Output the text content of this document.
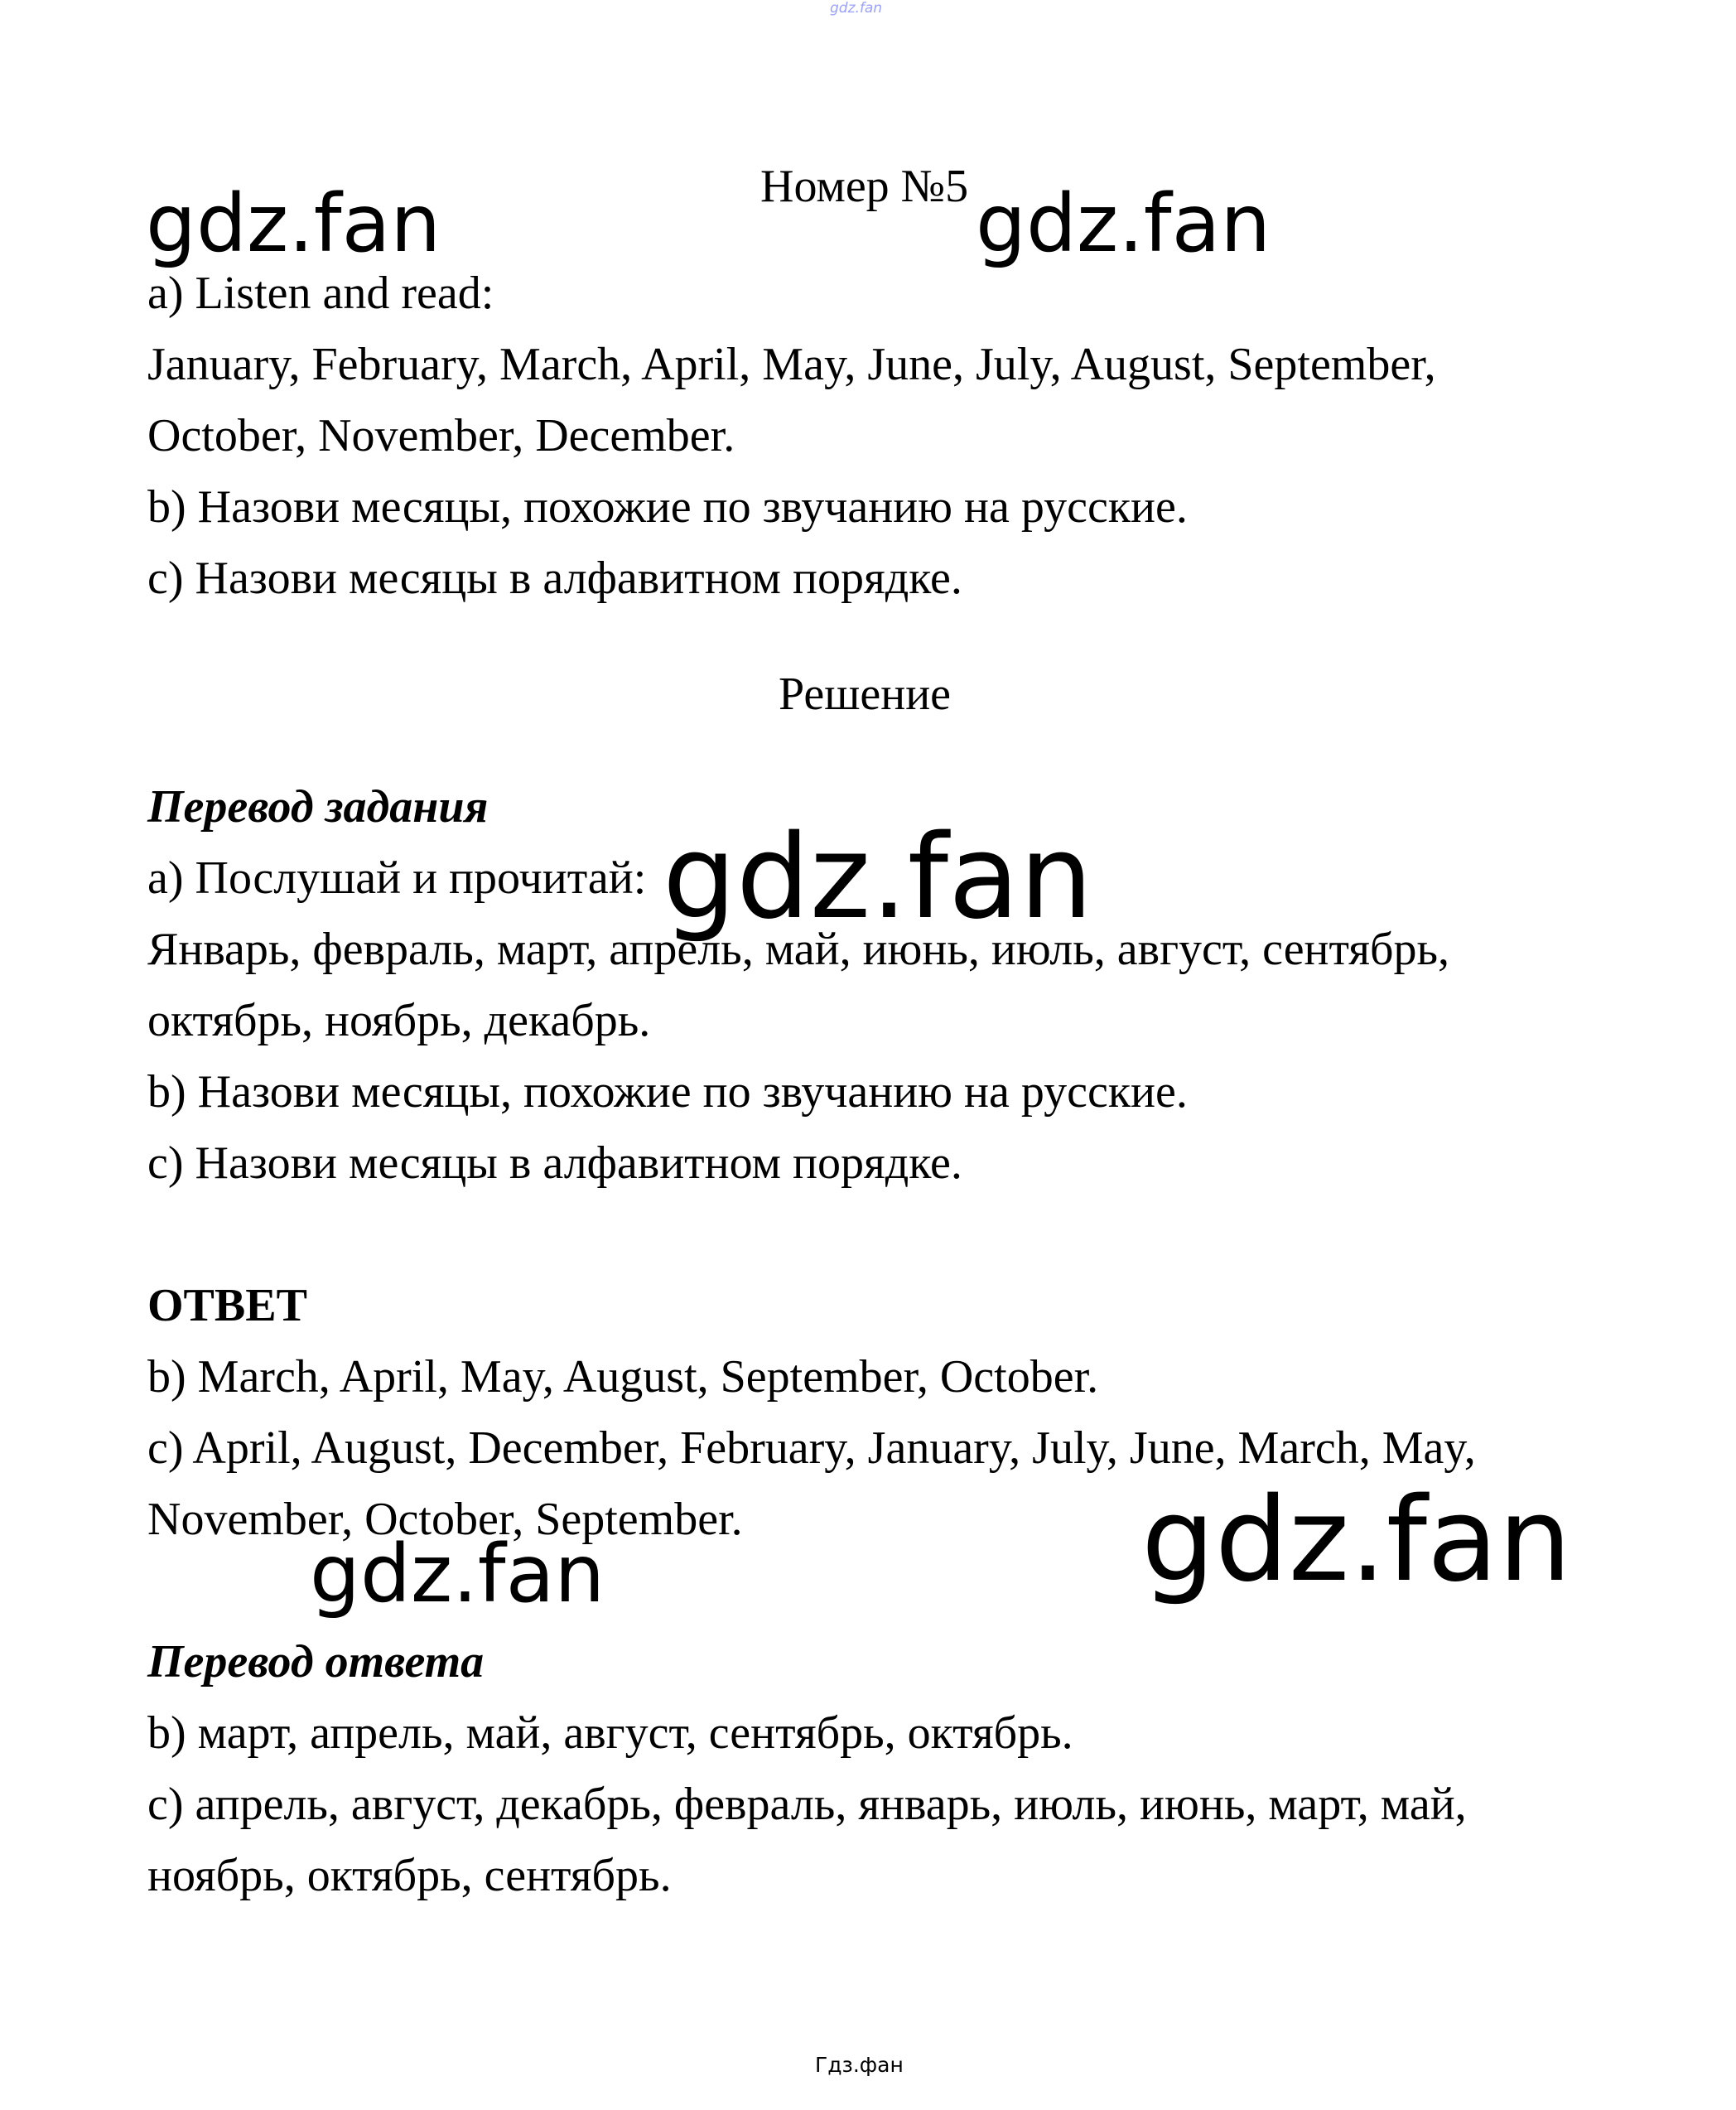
gdz.fan
Номер №5
gdz.fan	gdz.fan
a) Listen and read:
January, February, March, April, May, June, July, August, September,
October, November, December.
b) Назови месяцы, похожие по звучанию на русские.
c) Назови месяцы в алфавитном порядке.
Решение
Перевод задания
a) Послушай и прочитай: gdz.fan
Январь, февраль, март, апрель, май, июнь, июль, август, сентябрь,
октябрь, ноябрь, декабрь.
b) Назови месяцы, похожие по звучанию на русские.
c) Назови месяцы в алфавитном порядке.
ОТВЕТ
b) March, April, May, August, September, October.
c) April, August, December, February, January, July, June, March, May,
November, October, September.
gdz.fan	gdz.fan
Перевод ответа
b) март, апрель, май, август, сентябрь, октябрь.
c) апрель, август, декабрь, февраль, январь, июль, июнь, март, май,
ноябрь, октябрь, сентябрь.
Гдз.фан
